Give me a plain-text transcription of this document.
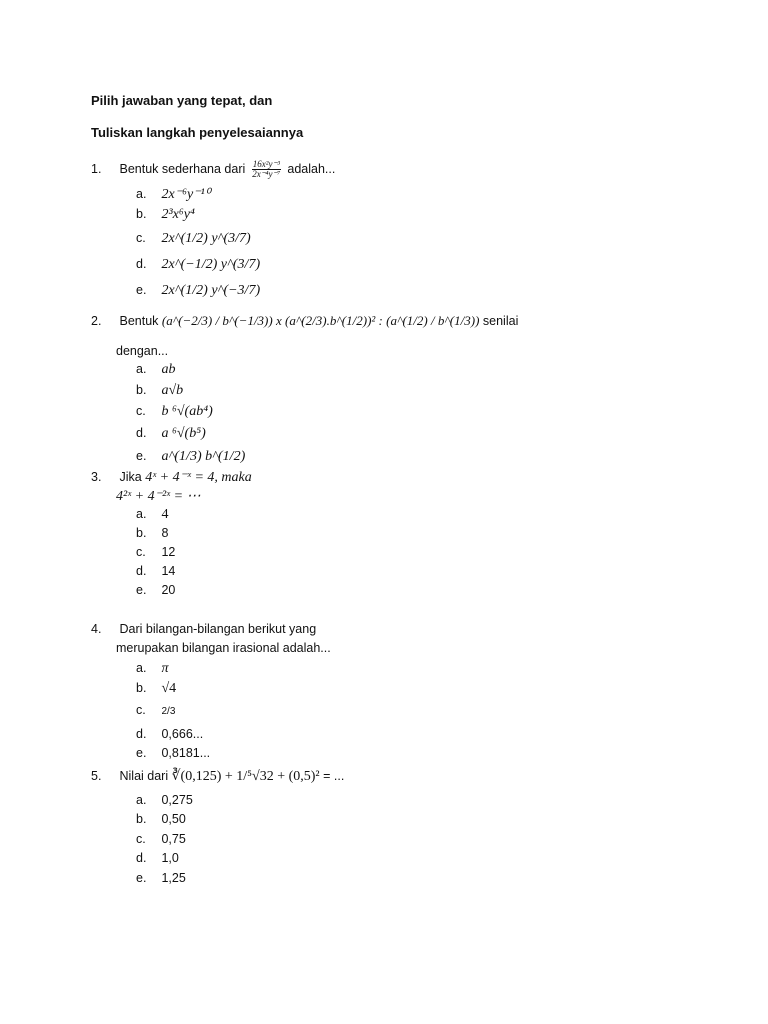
Pilih jawaban yang tepat, dan
Tuliskan langkah penyelesaiannya
1. Bentuk sederhana dari $\frac{\text{16x²y⁻³}}{\text{2x⁻⁴y⁻⁷}}$ adalah...
a. 2x⁻⁶y⁻¹⁰
b. 2³x⁶y⁴
c. 2x^(1/2) y^(3/7)
d. 2x^(−1/2) y^(3/7)
e. 2x^(1/2) y^(−3/7)
2. Bentuk (a^(−2/3) / b^(−1/3)) x (a^(2/3).b^(1/2))² : (a^(1/2) / b^(1/3)) senilai
dengan...
a. ab
b. a√b
c. b ⁶√(ab⁴)
d. a ⁶√(b⁵)
e. a^(1/3) b^(1/2)
3. Jika 4ˣ + 4⁻ˣ = 4, maka
4²ˣ + 4⁻²ˣ = ⋯
a. 4
b. 8
c. 12
d. 14
e. 20
4. Dari bilangan-bilangan berikut yang
merupakan bilangan irasional adalah...
a. π
b. √4
c. 2/3
d. 0,666...
e. 0,8181...
5. Nilai dari ∛(0,125) + 1/⁵√32 + (0,5)² = ...
a. 0,275
b. 0,50
c. 0,75
d. 1,0
e. 1,25
